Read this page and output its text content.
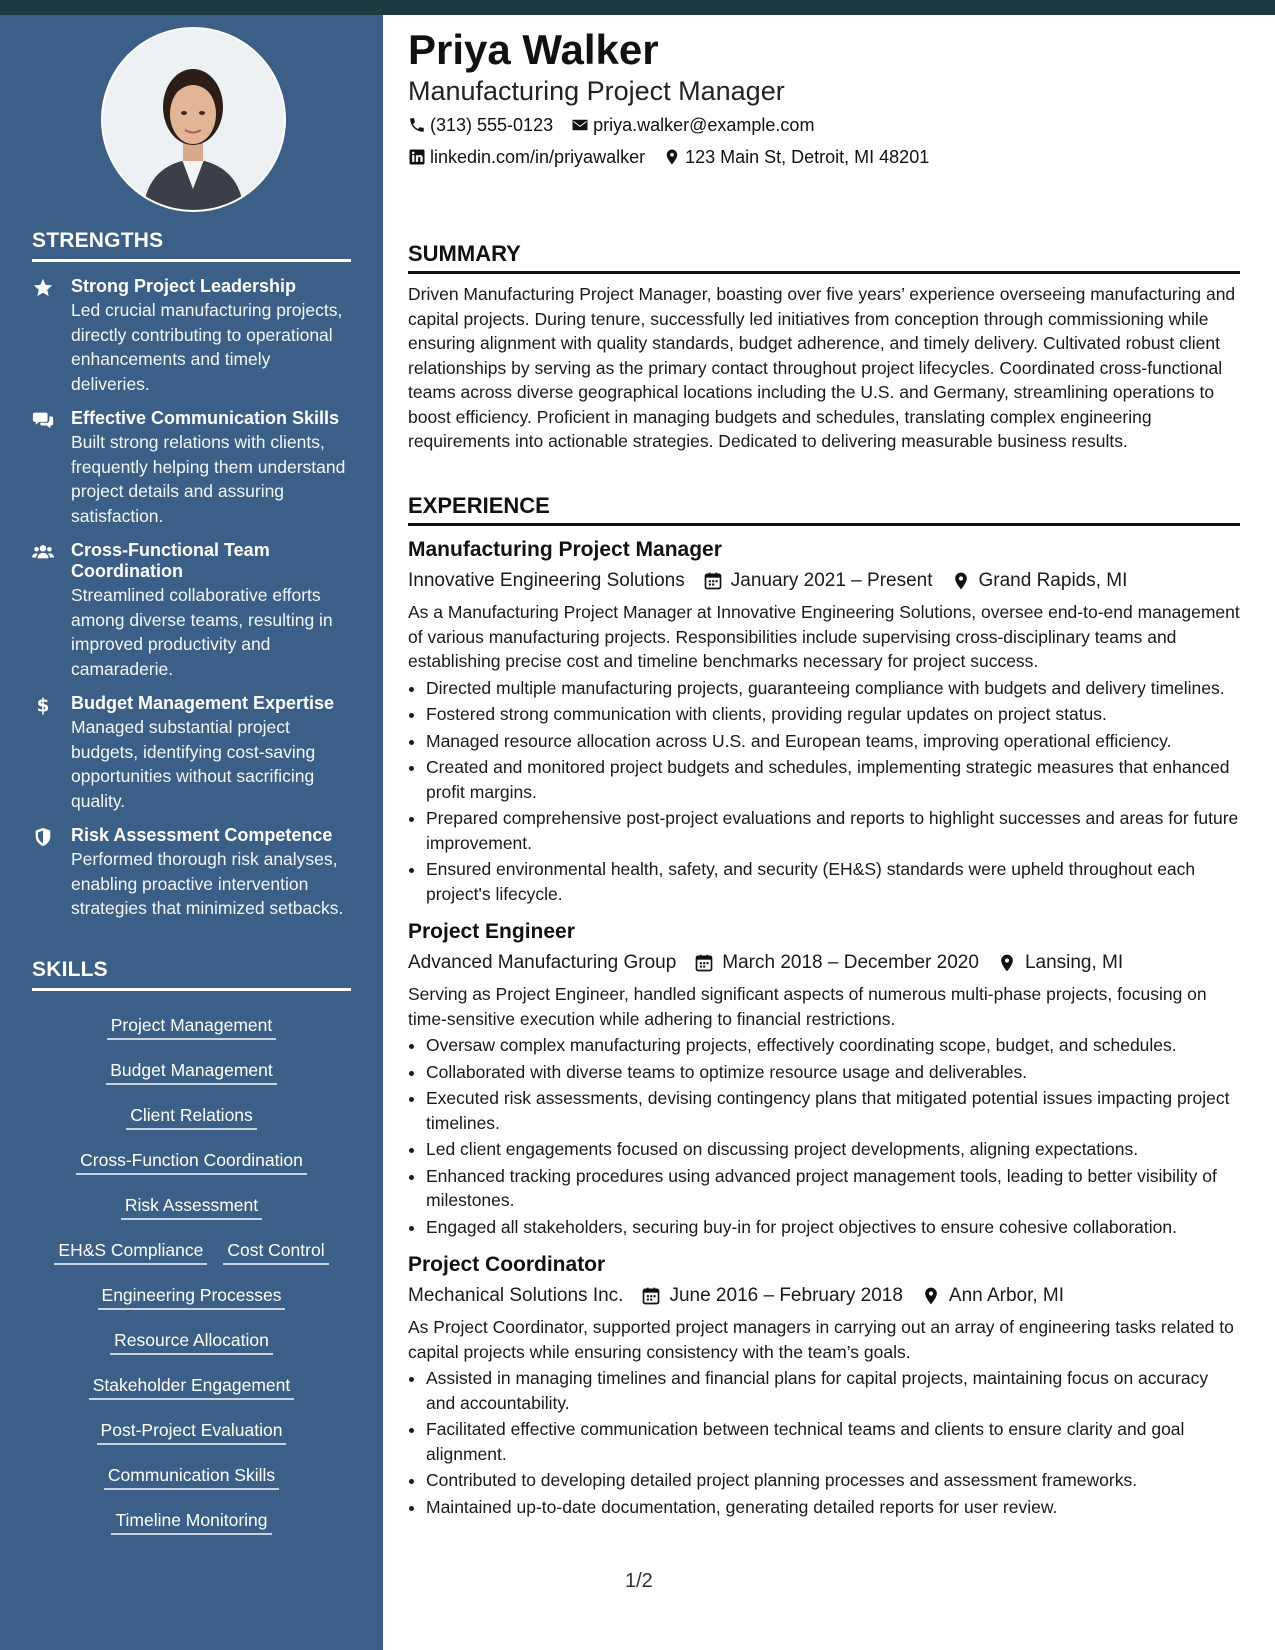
STRENGTHS
Strong Project Leadership
Led crucial manufacturing projects, directly contributing to operational enhancements and timely deliveries.
Effective Communication Skills
Built strong relations with clients, frequently helping them understand project details and assuring satisfaction.
Cross-Functional Team Coordination
Streamlined collaborative efforts among diverse teams, resulting in improved productivity and camaraderie.
$ Budget Management Expertise
Managed substantial project budgets, identifying cost-saving opportunities without sacrificing quality.
Risk Assessment Competence
Performed thorough risk analyses, enabling proactive intervention strategies that minimized setbacks.
SKILLS
Project Management
Budget Management
Client Relations
Cross-Function Coordination
Risk Assessment
EH&S Compliance Cost Control
Engineering Processes
Resource Allocation
Stakeholder Engagement
Post-Project Evaluation
Communication Skills
Timeline Monitoring
Priya Walker
Manufacturing Project Manager
(313) 555-0123 priya.walker@example.com
linkedin.com/in/priyawalker 123 Main St, Detroit, MI 48201
SUMMARY
Driven Manufacturing Project Manager, boasting over five years’ experience overseeing manufacturing and capital projects. During tenure, successfully led initiatives from conception through commissioning while ensuring alignment with quality standards, budget adherence, and timely delivery. Cultivated robust client relationships by serving as the primary contact throughout project lifecycles. Coordinated cross-functional teams across diverse geographical locations including the U.S. and Germany, streamlining operations to boost efficiency. Proficient in managing budgets and schedules, translating complex engineering requirements into actionable strategies. Dedicated to delivering measurable business results.
EXPERIENCE
Manufacturing Project Manager
Innovative Engineering Solutions January 2021 – Present Grand Rapids, MI
As a Manufacturing Project Manager at Innovative Engineering Solutions, oversee end-to-end management of various manufacturing projects. Responsibilities include supervising cross-disciplinary teams and establishing precise cost and timeline benchmarks necessary for project success.
• Directed multiple manufacturing projects, guaranteeing compliance with budgets and delivery timelines.
• Fostered strong communication with clients, providing regular updates on project status.
• Managed resource allocation across U.S. and European teams, improving operational efficiency.
• Created and monitored project budgets and schedules, implementing strategic measures that enhanced profit margins.
• Prepared comprehensive post-project evaluations and reports to highlight successes and areas for future improvement.
• Ensured environmental health, safety, and security (EH&S) standards were upheld throughout each project's lifecycle.
Project Engineer
Advanced Manufacturing Group March 2018 – December 2020 Lansing, MI
Serving as Project Engineer, handled significant aspects of numerous multi-phase projects, focusing on time-sensitive execution while adhering to financial restrictions.
• Oversaw complex manufacturing projects, effectively coordinating scope, budget, and schedules.
• Collaborated with diverse teams to optimize resource usage and deliverables.
• Executed risk assessments, devising contingency plans that mitigated potential issues impacting project timelines.
• Led client engagements focused on discussing project developments, aligning expectations.
• Enhanced tracking procedures using advanced project management tools, leading to better visibility of milestones.
• Engaged all stakeholders, securing buy-in for project objectives to ensure cohesive collaboration.
Project Coordinator
Mechanical Solutions Inc. June 2016 – February 2018 Ann Arbor, MI
As Project Coordinator, supported project managers in carrying out an array of engineering tasks related to capital projects while ensuring consistency with the team’s goals.
• Assisted in managing timelines and financial plans for capital projects, maintaining focus on accuracy and accountability.
• Facilitated effective communication between technical teams and clients to ensure clarity and goal alignment.
• Contributed to developing detailed project planning processes and assessment frameworks.
• Maintained up-to-date documentation, generating detailed reports for user review.
1/2
